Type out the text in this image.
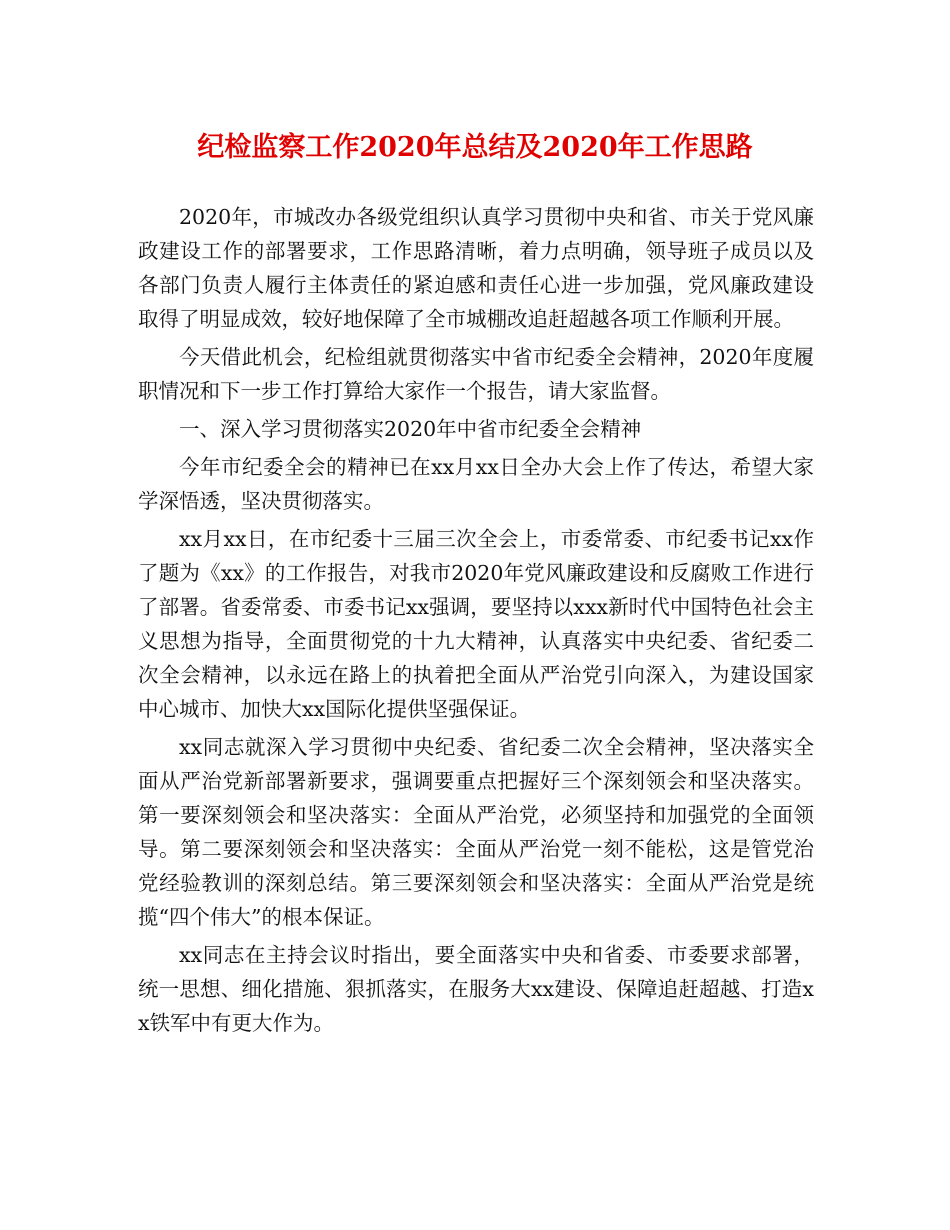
纪检监察工作2020年总结及2020年工作思路

2020年，市城改办各级党组织认真学习贯彻中央和省、市关于党风廉政建设工作的部署要求，工作思路清晰，着力点明确，领导班子成员以及各部门负责人履行主体责任的紧迫感和责任心进一步加强，党风廉政建设取得了明显成效，较好地保障了全市城棚改追赶超越各项工作顺利开展。

今天借此机会，纪检组就贯彻落实中省市纪委全会精神，2020年度履职情况和下一步工作打算给大家作一个报告，请大家监督。

一、深入学习贯彻落实2020年中省市纪委全会精神

今年市纪委全会的精神已在xx月xx日全办大会上作了传达，希望大家学深悟透，坚决贯彻落实。

xx月xx日，在市纪委十三届三次全会上，市委常委、市纪委书记xx作了题为《xx》的工作报告，对我市2020年党风廉政建设和反腐败工作进行了部署。省委常委、市委书记xx强调，要坚持以xxx新时代中国特色社会主义思想为指导，全面贯彻党的十九大精神，认真落实中央纪委、省纪委二次全会精神，以永远在路上的执着把全面从严治党引向深入，为建设国家中心城市、加快大xx国际化提供坚强保证。

xx同志就深入学习贯彻中央纪委、省纪委二次全会精神，坚决落实全面从严治党新部署新要求，强调要重点把握好三个深刻领会和坚决落实。第一要深刻领会和坚决落实：全面从严治党，必须坚持和加强党的全面领导。第二要深刻领会和坚决落实：全面从严治党一刻不能松，这是管党治党经验教训的深刻总结。第三要深刻领会和坚决落实：全面从严治党是统揽“四个伟大”的根本保证。

xx同志在主持会议时指出，要全面落实中央和省委、市委要求部署，统一思想、细化措施、狠抓落实，在服务大xx建设、保障追赶超越、打造xx铁军中有更大作为。
